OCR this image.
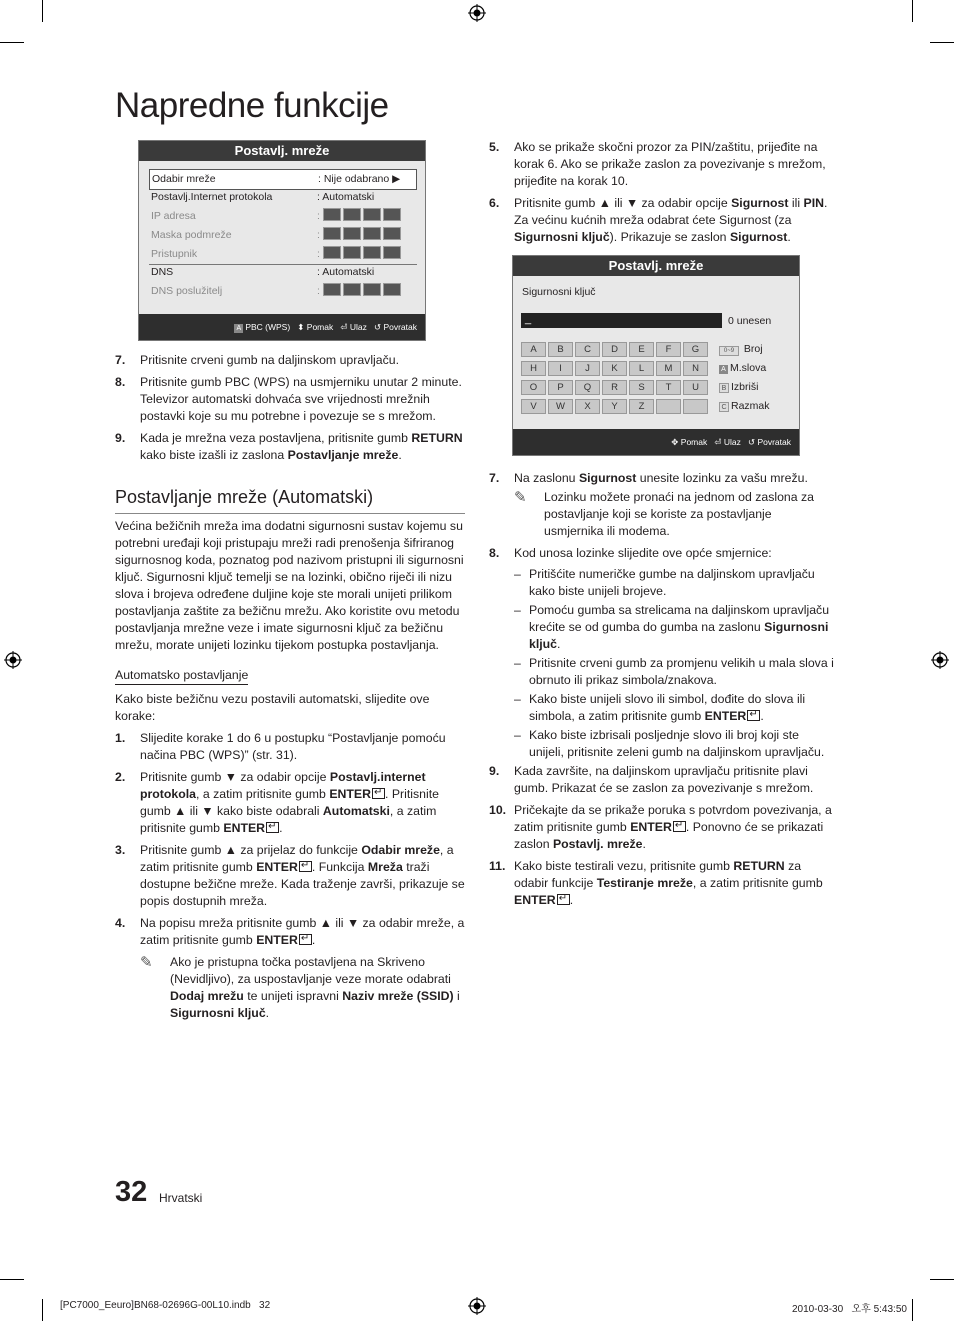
Napredne funkcije
Postavlj. mreže
Odabir mreže	: Nije odabrano ▶
Postavlj.Internet protokola	: Automatski
IP adresa	:
Maska podmreže	:
Pristupnik	:
DNS	: Automatski
DNS poslužitelj	:
A PBC (WPS) ⬍ Pomak ⏎ Ulaz ↺ Povratak
7. Pritisnite crveni gumb na daljinskom upravljaču.
8. Pritisnite gumb PBC (WPS) na usmjerniku unutar 2 minute. Televizor automatski dohvaća sve vrijednosti mrežnih postavki koje su mu potrebne i povezuje se s mrežom.
9. Kada je mrežna veza postavljena, pritisnite gumb RETURN kako biste izašli iz zaslona Postavljanje mreže.
Postavljanje mreže (Automatski)

Većina bežičnih mreža ima dodatni sigurnosni sustav kojemu su potrebni uređaji koji pristupaju mreži radi prenošenja šifriranog sigurnosnog koda, poznatog pod nazivom pristupni ili sigurnosni ključ. Sigurnosni ključ temelji se na lozinki, obično riječi ili nizu slova i brojeva određene duljine koje ste morali unijeti prilikom postavljanja zaštite za bežičnu mrežu. Ako koristite ovu metodu postavljanja mrežne veze i imate sigurnosni ključ za bežičnu mrežu, morate unijeti lozinku tijekom postupka postavljanja.

Automatsko postavljanje

Kako biste bežičnu vezu postavili automatski, slijedite ove korake:

1. Slijedite korake 1 do 6 u postupku “Postavljanje pomoću načina PBC (WPS)” (str. 31).
2. Pritisnite gumb ▼ za odabir opcije Postavlj.internet protokola, a zatim pritisnite gumb ENTER ↵ . Pritisnite gumb ▲ ili ▼ kako biste odabrali Automatski, a zatim pritisnite gumb ENTER ↵ .
3. Pritisnite gumb ▲ za prijelaz do funkcije Odabir mreže, a zatim pritisnite gumb ENTER ↵ . Funkcija Mreža traži dostupne bežične mreže. Kada traženje završi, prikazuje se popis dostupnih mreža.
4. Na popisu mreža pritisnite gumb ▲ ili ▼ za odabir mreže, a zatim pritisnite gumb ENTER ↵ .
✎ Ako je pristupna točka postavljena na Skriveno (Nevidljivo), za uspostavljanje veze morate odabrati Dodaj mrežu te unijeti ispravni Naziv mreže (SSID) i Sigurnosni ključ.
5. Ako se prikaže skočni prozor za PIN/zaštitu, prijeđite na korak 6. Ako se prikaže zaslon za povezivanje s mrežom, prijeđite na korak 10.
6. Pritisnite gumb ▲ ili ▼ za odabir opcije Sigurnost ili PIN. Za većinu kućnih mreža odabrat ćete Sigurnost (za Sigurnosni ključ). Prikazuje se zaslon Sigurnost.
Postavlj. mreže
Sigurnosni ključ
_	0 unesen
A	B	C	D	E	F	G
H	I	J	K	L	M	N
O	P	Q	R	S	T	U
V	W	X	Y	Z
0~9 Broj
A M.slova
B Izbriši
C Razmak
✥ Pomak ⏎ Ulaz ↺ Povratak
7. Na zaslonu Sigurnost unesite lozinku za vašu mrežu.
✎ Lozinku možete pronaći na jednom od zaslona za postavljanje koji se koriste za postavljanje usmjernika ili modema.
8. Kod unosa lozinke slijedite ove opće smjernice:
– Pritišćite numeričke gumbe na daljinskom upravljaču kako biste unijeli brojeve.
– Pomoću gumba sa strelicama na daljinskom upravljaču krećite se od gumba do gumba na zaslonu Sigurnosni ključ.
– Pritisnite crveni gumb za promjenu velikih u mala slova i obrnuto ili prikaz simbola/znakova.
– Kako biste unijeli slovo ili simbol, dođite do slova ili simbola, a zatim pritisnite gumb ENTER ↵ .
– Kako biste izbrisali posljednje slovo ili broj koji ste unijeli, pritisnite zeleni gumb na daljinskom upravljaču.
9. Kada završite, na daljinskom upravljaču pritisnite plavi gumb. Prikazat će se zaslon za povezivanje s mrežom.
10. Pričekajte da se prikaže poruka s potvrdom povezivanja, a zatim pritisnite gumb ENTER ↵ . Ponovno će se prikazati zaslon Postavlj. mreže.
11. Kako biste testirali vezu, pritisnite gumb RETURN za odabir funkcije Testiranje mreže, a zatim pritisnite gumb ENTER ↵ .
32 Hrvatski
[PC7000_Eeuro]BN68-02696G-00L10.indb   32	2010-03-30   오후 5:43:50
